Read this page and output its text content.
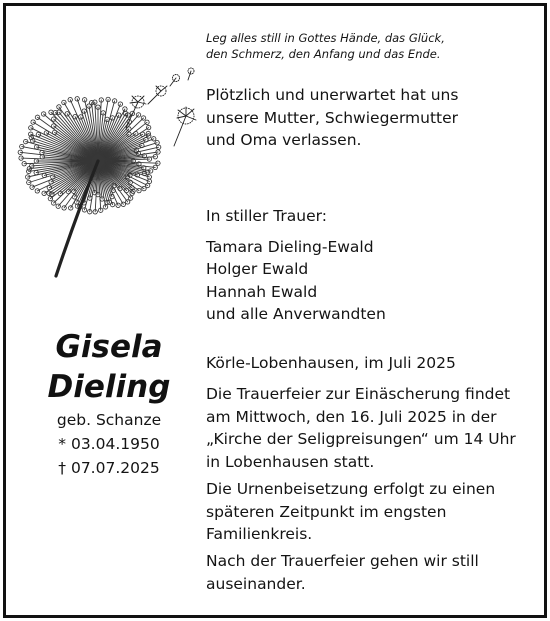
Leg alles still in Gottes Hände, das Glück,
den Schmerz, den Anfang und das Ende.
Plötzlich und unerwartet hat uns
unsere Mutter, Schwiegermutter
und Oma verlassen.
In stiller Trauer:
Tamara Dieling-Ewald
Holger Ewald
Hannah Ewald
und alle Anverwandten
Gisela
Dieling
geb. Schanze
* 03.04.1950
† 07.07.2025
Körle-Lobenhausen, im Juli 2025
Die Trauerfeier zur Einäscherung findet
am Mittwoch, den 16. Juli 2025 in der
„Kirche der Seligpreisungen“ um 14 Uhr
in Lobenhausen statt.
Die Urnenbeisetzung erfolgt zu einen
späteren Zeitpunkt im engsten
Familienkreis.
Nach der Trauerfeier gehen wir still
auseinander.
